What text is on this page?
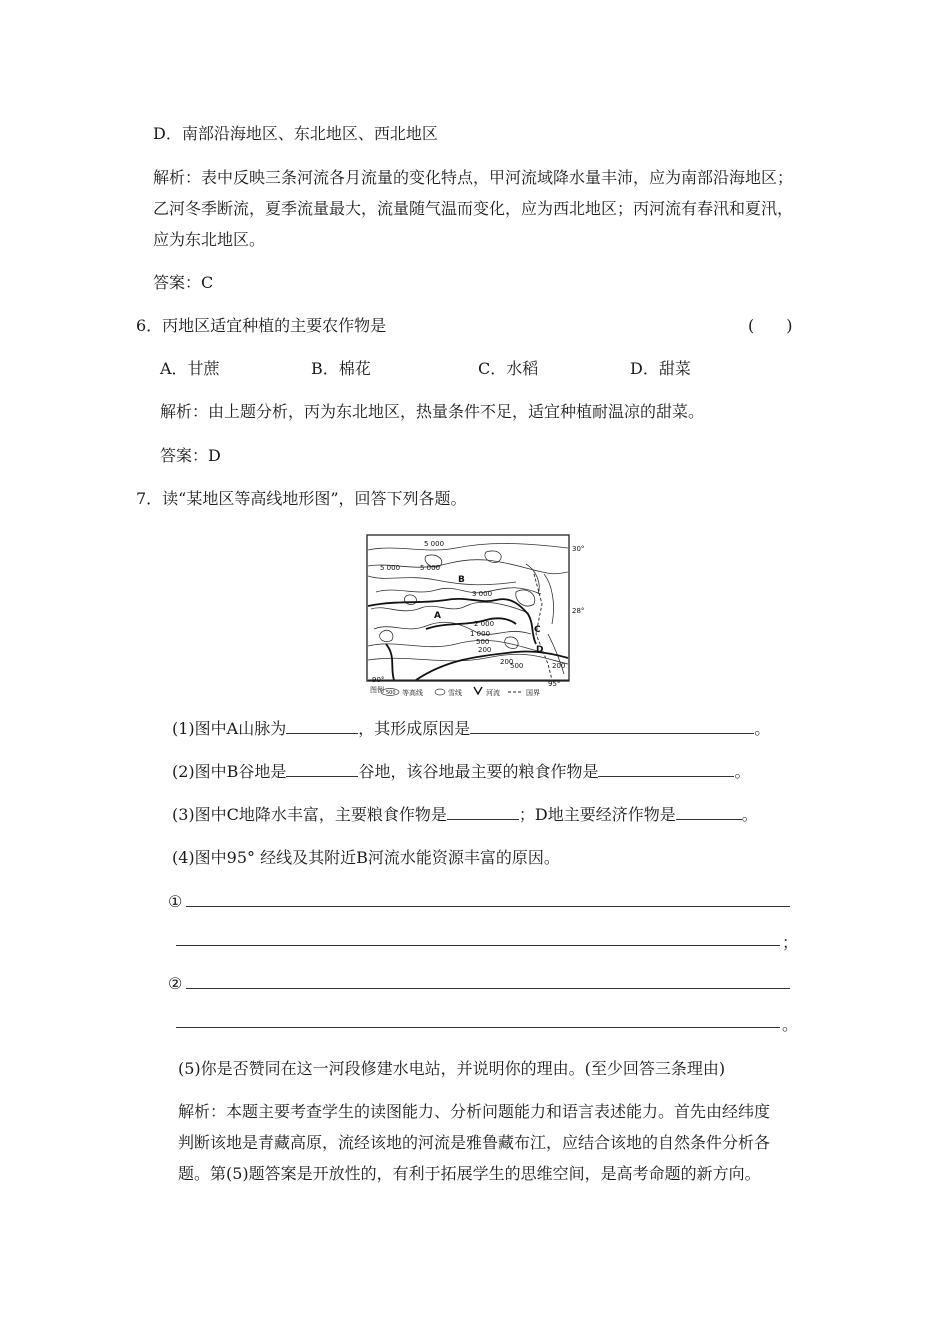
D．南部沿海地区、东北地区、西北地区
解析：表中反映三条河流各月流量的变化特点，甲河流域降水量丰沛，应为南部沿海地区；
乙河冬季断流，夏季流量最大，流量随气温而变化，应为西北地区；丙河流有春汛和夏汛，
应为东北地区。
答案：C
6．丙地区适宜种植的主要农作物是	(　　)
A．甘蔗	B．棉花	C．水稻	D．甜菜
解析：由上题分析，丙为东北地区，热量条件不足，适宜种植耐温凉的甜菜。
答案：D
7．读“某地区等高线地形图”，回答下列各题。
30°
28°
90°	95°
5 000
5 000	5 000
3 000
2 000
1 000
500
200
200
500	200
A
B
C
D
图例 500 等高线	雪线	河流	国界
(1)图中A山脉为	，其形成原因是	。
(2)图中B谷地是	谷地，该谷地最主要的粮食作物是	。
(3)图中C地降水丰富，主要粮食作物是	；D地主要经济作物是	。
(4)图中95° 经线及其附近B河流水能资源丰富的原因。
①
；
②
。
(5)你是否赞同在这一河段修建水电站，并说明你的理由。(至少回答三条理由)
解析：本题主要考查学生的读图能力、分析问题能力和语言表述能力。首先由经纬度
判断该地是青藏高原，流经该地的河流是雅鲁藏布江，应结合该地的自然条件分析各
题。第(5)题答案是开放性的，有利于拓展学生的思维空间，是高考命题的新方向。
